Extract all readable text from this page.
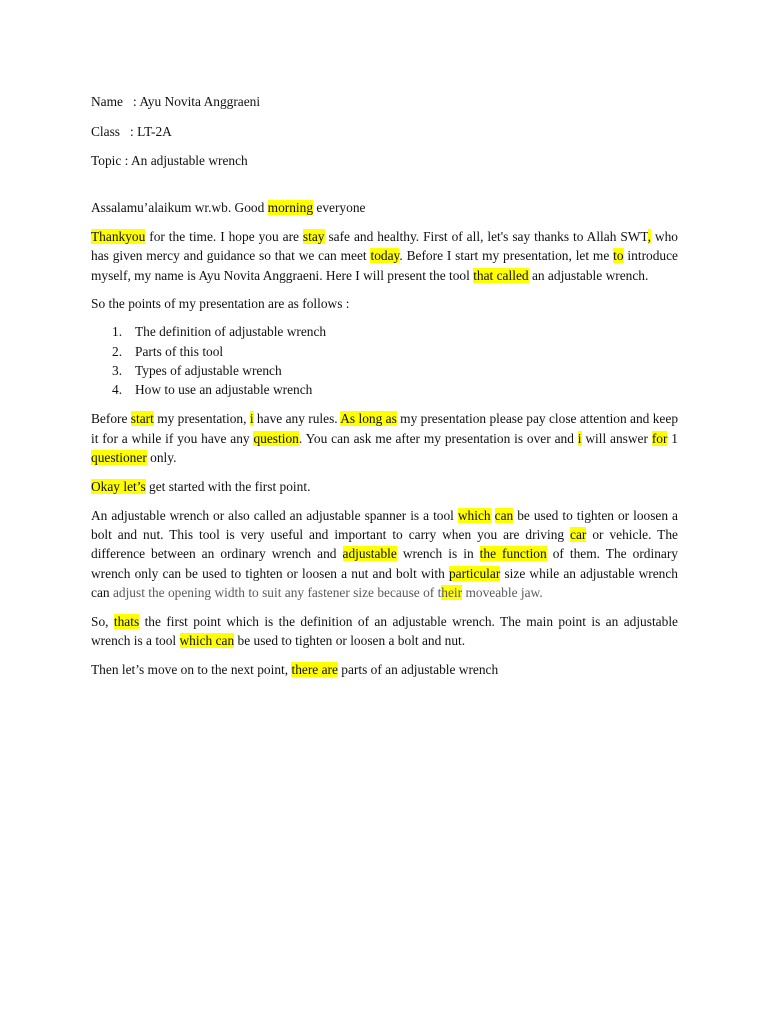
Name   : Ayu Novita Anggraeni
Class   : LT-2A
Topic : An adjustable wrench

Assalamu’alaikum wr.wb. Good morning everyone

Thankyou for the time. I hope you are stay safe and healthy. First of all, let's say thanks to Allah SWT, who has given mercy and guidance so that we can meet today. Before I start my presentation, let me to introduce myself, my name is Ayu Novita Anggraeni. Here I will present the tool that called an adjustable wrench.

So the points of my presentation are as follows :

1. The definition of adjustable wrench
2. Parts of this tool
3. Types of adjustable wrench
4. How to use an adjustable wrench

Before start my presentation, i have any rules. As long as my presentation please pay close attention and keep it for a while if you have any question. You can ask me after my presentation is over and i will answer for 1 questioner only.

Okay let’s get started with the first point.

An adjustable wrench or also called an adjustable spanner is a tool which can be used to tighten or loosen a bolt and nut. This tool is very useful and important to carry when you are driving car or vehicle. The difference between an ordinary wrench and adjustable wrench is in the function of them. The ordinary wrench only can be used to tighten or loosen a nut and bolt with particular size while an adjustable wrench can adjust the opening width to suit any fastener size because of their moveable jaw.

So, thats the first point which is the definition of an adjustable wrench. The main point is an adjustable wrench is a tool which can be used to tighten or loosen a bolt and nut.

Then let’s move on to the next point, there are parts of an adjustable wrench
